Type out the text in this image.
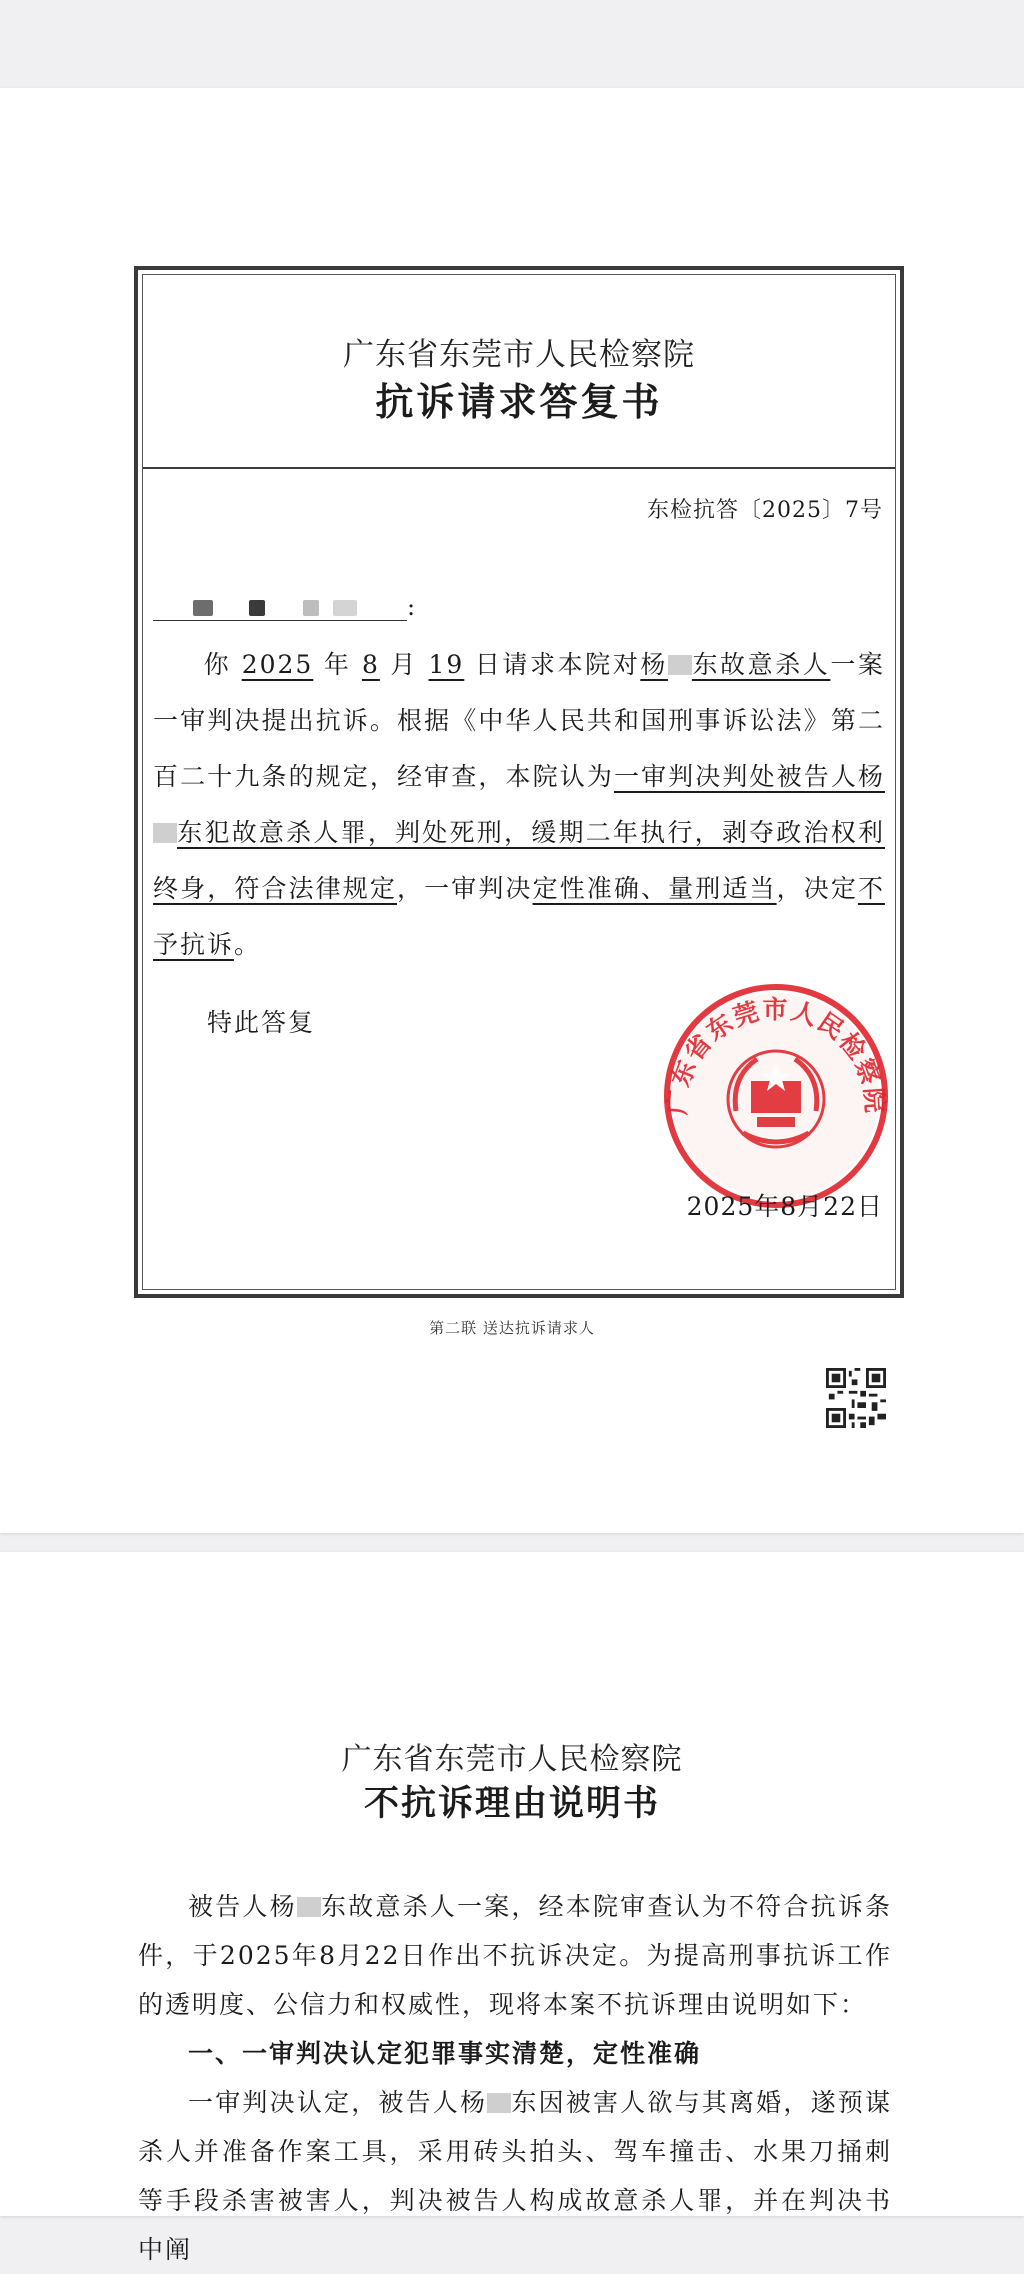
广东省东莞市人民检察院
抗诉请求答复书
东检抗答〔2025〕7号
:
你 2025 年 8 月 19 日请求本院对杨 东故意杀人一案一审判决提出抗诉。根据《中华人民共和国刑事诉讼法》第二百二十九条的规定，经审查，本院认为一审判决判处被告人杨东犯故意杀人罪，判处死刑，缓期二年执行，剥夺政治权利终身，符合法律规定，一审判决定性准确、量刑适当，决定不予抗诉。
特此答复
广东省东莞市人民检察院
2025年8月22日
第二联 送达抗诉请求人
广东省东莞市人民检察院
不抗诉理由说明书

被告人杨 东故意杀人一案，经本院审查认为不符合抗诉条件，于2025年8月22日作出不抗诉决定。为提高刑事抗诉工作的透明度、公信力和权威性，现将本案不抗诉理由说明如下：

一、一审判决认定犯罪事实清楚，定性准确

一审判决认定，被告人杨 东因被害人欲与其离婚，遂预谋杀人并准备作案工具，采用砖头拍头、驾车撞击、水果刀捅刺等手段杀害被害人，判决被告人构成故意杀人罪，并在判决书中阐
